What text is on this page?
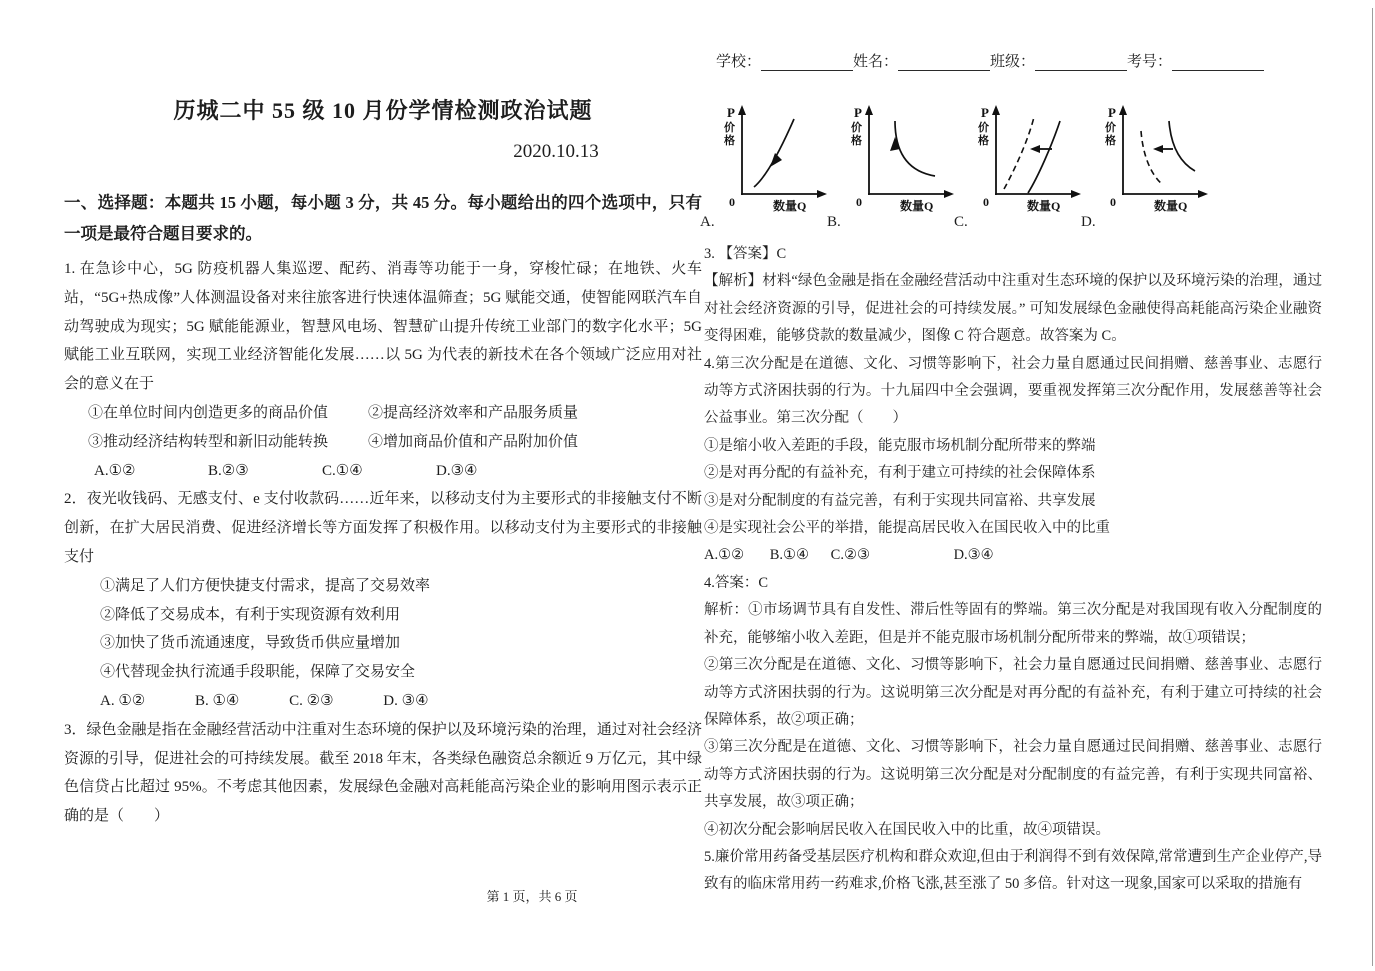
历城二中 55 级 10 月份学情检测政治试题
2020.10.13
一、选择题：本题共 15 小题，每小题 3 分，共 45 分。每小题给出的四个选项中，只有一项是最符合题目要求的。
1. 在急诊中心，5G 防疫机器人集巡逻、配药、消毒等功能于一身，穿梭忙碌；在地铁、火车站，“5G+热成像”人体测温设备对来往旅客进行快速体温筛查；5G 赋能交通，使智能网联汽车自动驾驶成为现实；5G 赋能能源业，智慧风电场、智慧矿山提升传统工业部门的数字化水平；5G 赋能工业互联网，实现工业经济智能化发展……以 5G 为代表的新技术在各个领域广泛应用对社会的意义在于
①在单位时间内创造更多的商品价值	②提高经济效率和产品服务质量
③推动经济结构转型和新旧动能转换	④增加商品价值和产品附加价值
A.①②	B.②③	C.①④	D.③④
2．夜光收钱码、无感支付、e 支付收款码……近年来，以移动支付为主要形式的非接触支付不断创新，在扩大居民消费、促进经济增长等方面发挥了积极作用。以移动支付为主要形式的非接触支付
①满足了人们方便快捷支付需求，提高了交易效率
②降低了交易成本，有利于实现资源有效利用
③加快了货币流通速度，导致货币供应量增加
④代替现金执行流通手段职能，保障了交易安全
A. ①②	B. ①④	C. ②③	D. ③④
3．绿色金融是指在金融经营活动中注重对生态环境的保护以及环境污染的治理，通过对社会经济资源的引导，促进社会的可持续发展。截至 2018 年末，各类绿色融资总余额近 9 万亿元，其中绿色信贷占比超过 95%。不考虑其他因素，发展绿色金融对高耗能高污染企业的影响用图示表示正确的是（　　）
学校：	姓名：	班级：	考号：
A.
P
价
格
0	数量Q
B.
P
价
格
0	数量Q
C.
P
价
格
0	数量Q
D.
P
价
格
0	数量Q
3. 【答案】C
【解析】材料“绿色金融是指在金融经营活动中注重对生态环境的保护以及环境污染的治理，通过对社会经济资源的引导，促进社会的可持续发展。” 可知发展绿色金融使得高耗能高污染企业融资变得困难，能够贷款的数量减少，图像 C 符合题意。故答案为 C。
4.第三次分配是在道德、文化、习惯等影响下，社会力量自愿通过民间捐赠、慈善事业、志愿行动等方式济困扶弱的行为。十九届四中全会强调，要重视发挥第三次分配作用，发展慈善等社会公益事业。第三次分配（　　）
①是缩小收入差距的手段，能克服市场机制分配所带来的弊端
②是对再分配的有益补充，有利于建立可持续的社会保障体系
③是对分配制度的有益完善，有利于实现共同富裕、共享发展
④是实现社会公平的举措，能提高居民收入在国民收入中的比重
A.①② B.①④ C.②③	D.③④
4.答案：C
解析：①市场调节具有自发性、滞后性等固有的弊端。第三次分配是对我国现有收入分配制度的补充，能够缩小收入差距，但是并不能克服市场机制分配所带来的弊端，故①项错误；
②第三次分配是在道德、文化、习惯等影响下，社会力量自愿通过民间捐赠、慈善事业、志愿行动等方式济困扶弱的行为。这说明第三次分配是对再分配的有益补充，有利于建立可持续的社会保障体系，故②项正确；
③第三次分配是在道德、文化、习惯等影响下，社会力量自愿通过民间捐赠、慈善事业、志愿行动等方式济困扶弱的行为。这说明第三次分配是对分配制度的有益完善，有利于实现共同富裕、共享发展，故③项正确；
④初次分配会影响居民收入在国民收入中的比重，故④项错误。
5.廉价常用药备受基层医疗机构和群众欢迎,但由于利润得不到有效保障,常常遭到生产企业停产,导致有的临床常用药一药难求,价格飞涨,甚至涨了 50 多倍。针对这一现象,国家可以采取的措施有
第 1 页，共 6 页
